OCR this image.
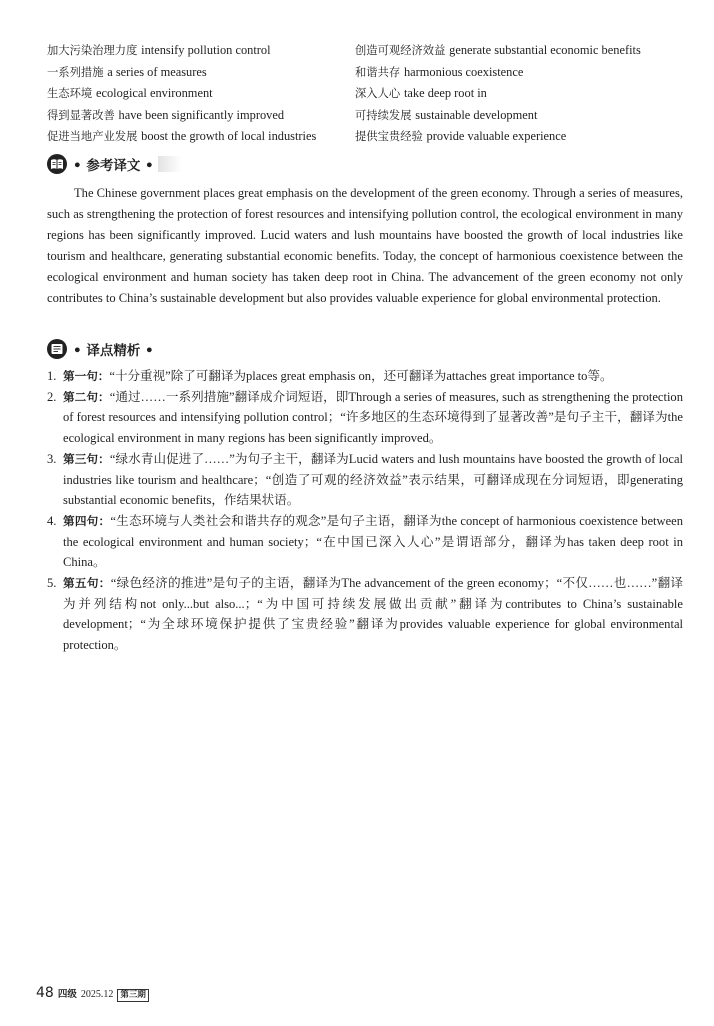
加大污染治理力度 intensify pollution control	创造可观经济效益 generate substantial economic benefits
一系列措施 a series of measures	和谐共存 harmonious coexistence
生态环境 ecological environment	深入人心 take deep root in
得到显著改善 have been significantly improved	可持续发展 sustainable development
促进当地产业发展 boost the growth of local industries	提供宝贵经验 provide valuable experience
• 参考译文 •

The Chinese government places great emphasis on the development of the green economy. Through a series of measures, such as strengthening the protection of forest resources and intensifying pollution control, the ecological environment in many regions has been significantly improved. Lucid waters and lush mountains have boosted the growth of local industries like tourism and healthcare, generating substantial economic benefits. Today, the concept of harmonious coexistence between the ecological environment and human society has taken deep root in China. The advancement of the green economy not only contributes to China’s sustainable development but also provides valuable experience for global environmental protection.

• 译点精析 •
1. 第一句：“十分重视”除了可翻译为places great emphasis on，还可翻译为attaches great importance to等。
2. 第二句：“通过……一系列措施”翻译成介词短语，即Through a series of measures, such as strengthening the protection of forest resources and intensifying pollution control；“许多地区的生态环境得到了显著改善”是句子主干，翻译为the ecological environment in many regions has been significantly improved。
3. 第三句：“绿水青山促进了……”为句子主干，翻译为Lucid waters and lush mountains have boosted the growth of local industries like tourism and healthcare；“创造了可观的经济效益”表示结果，可翻译成现在分词短语，即generating substantial economic benefits，作结果状语。
4. 第四句：“生态环境与人类社会和谐共存的观念”是句子主语，翻译为the concept of harmonious coexistence between the ecological environment and human society；“在中国已深入人心”是谓语部分，翻译为has taken deep root in China。
5. 第五句：“绿色经济的推进”是句子的主语，翻译为The advancement of the green economy；“不仅……也……”翻译为并列结构not only...but also...；“为中国可持续发展做出贡献”翻译为contributes to China’s sustainable development；“为全球环境保护提供了宝贵经验”翻译为provides valuable experience for global environmental protection。
48 四级 2025.12 第三期
